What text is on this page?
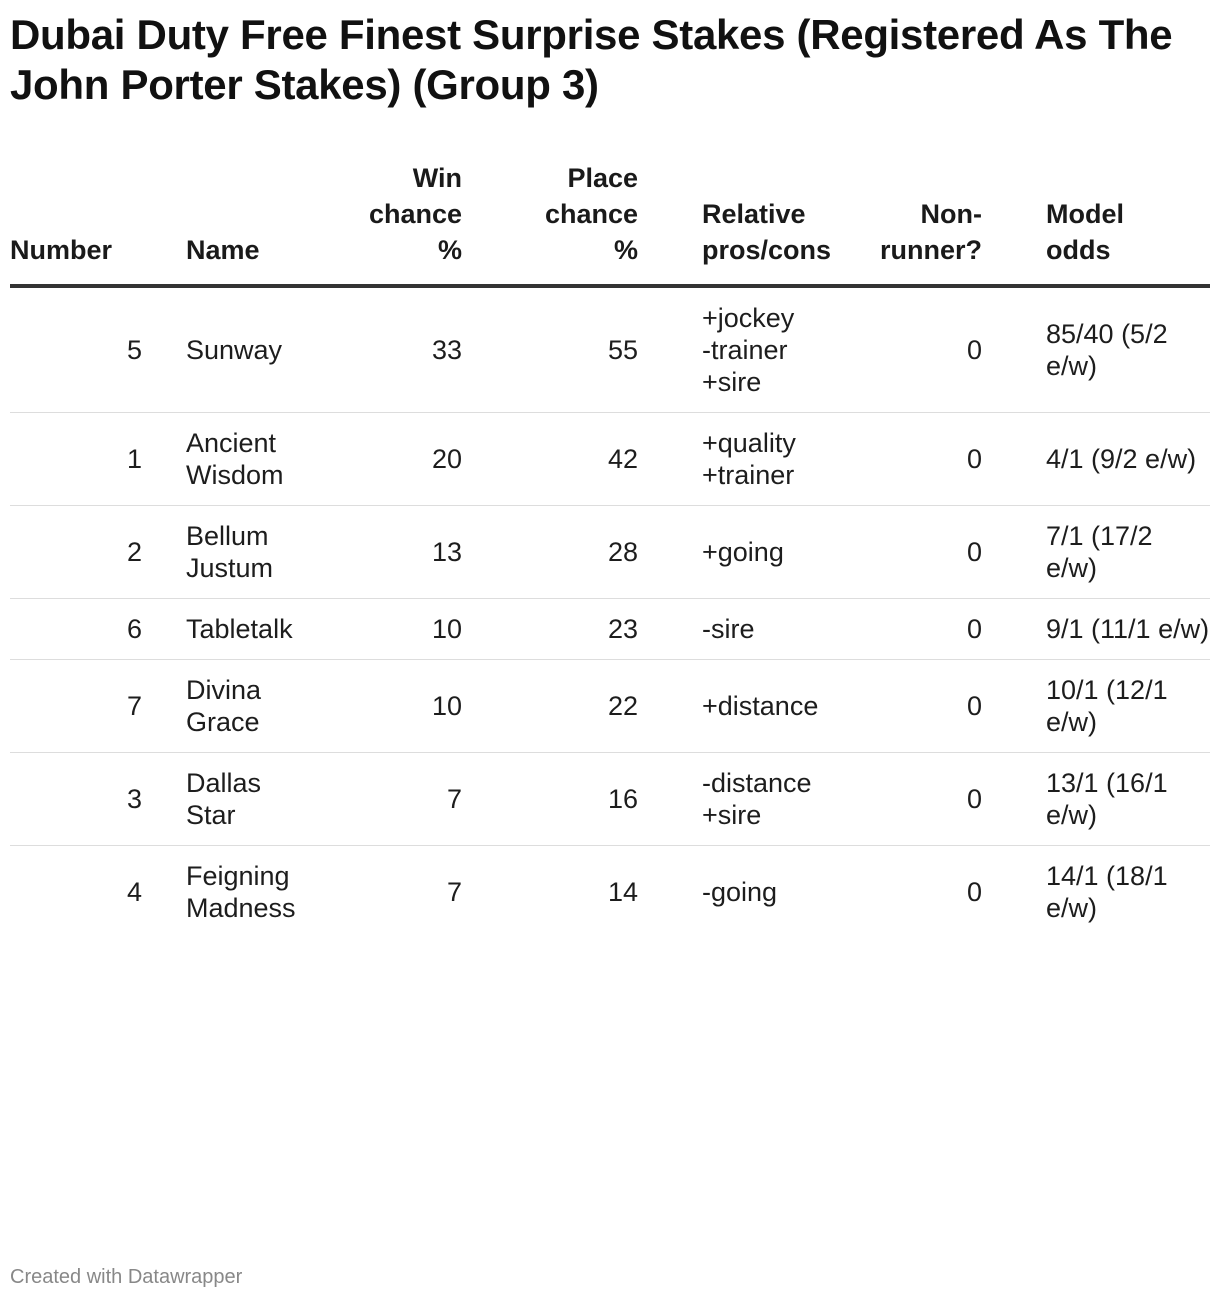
Dubai Duty Free Finest Surprise Stakes (Registered As The John Porter Stakes) (Group 3)
Number	Name	Win
chance
%	Place
chance
%	Relative
pros/cons	Non-
runner?	Model
odds
5	Sunway	33	55	+jockey
-trainer
+sire	0	85/40 (5/2 e/w)
1	Ancient Wisdom	20	42	+quality
+trainer	0	4/1 (9/2 e/w)
2	Bellum Justum	13	28	+going	0	7/1 (17/2 e/w)
6	Tabletalk	10	23	-sire	0	9/1 (11/1 e/w)
7	Divina Grace	10	22	+distance	0	10/1 (12/1 e/w)
3	Dallas Star	7	16	-distance
+sire	0	13/1 (16/1 e/w)
4	Feigning Madness	7	14	-going	0	14/1 (18/1 e/w)
Created with Datawrapper
